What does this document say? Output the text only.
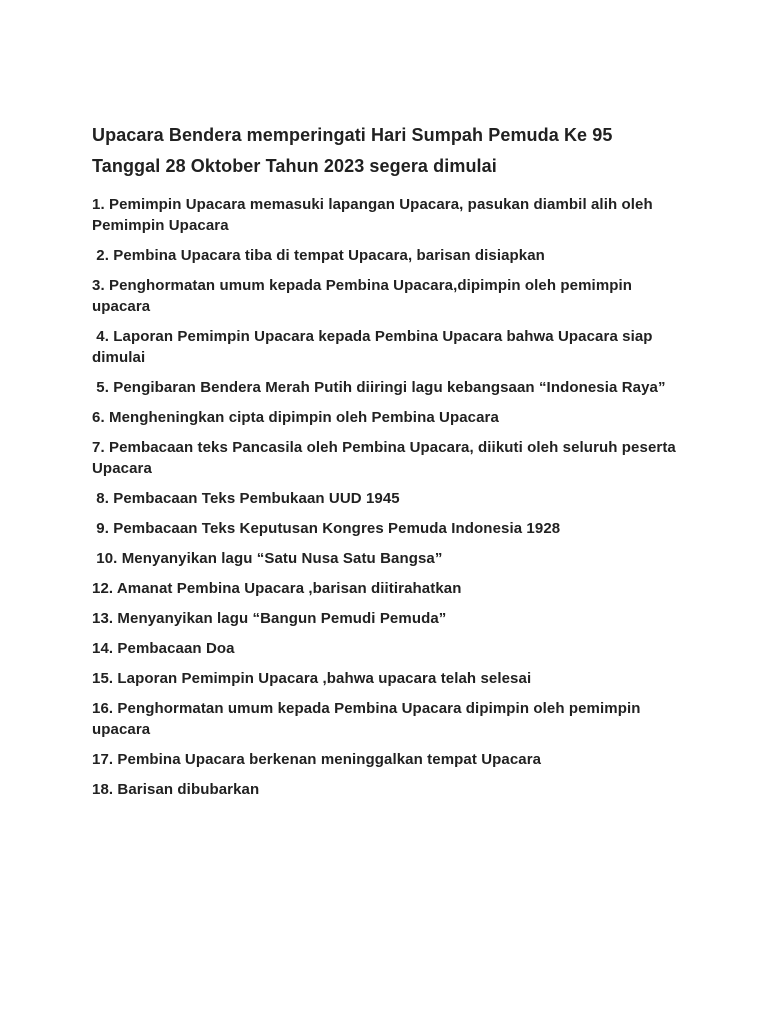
Upacara Bendera memperingati Hari Sumpah Pemuda Ke 95
Tanggal 28 Oktober Tahun 2023 segera dimulai

1. Pemimpin Upacara memasuki lapangan Upacara, pasukan diambil alih oleh Pemimpin Upacara

2. Pembina Upacara tiba di tempat Upacara, barisan disiapkan

3. Penghormatan umum kepada Pembina Upacara,dipimpin oleh pemimpin upacara

4. Laporan Pemimpin Upacara kepada Pembina Upacara bahwa Upacara siap dimulai

5. Pengibaran Bendera Merah Putih diiringi lagu kebangsaan “Indonesia Raya”

6. Mengheningkan cipta dipimpin oleh Pembina Upacara

7. Pembacaan teks Pancasila oleh Pembina Upacara, diikuti oleh seluruh peserta Upacara

8. Pembacaan Teks Pembukaan UUD 1945

9. Pembacaan Teks Keputusan Kongres Pemuda Indonesia 1928

10. Menyanyikan lagu “Satu Nusa Satu Bangsa”

12. Amanat Pembina Upacara ,barisan diitirahatkan

13. Menyanyikan lagu “Bangun Pemudi Pemuda”

14. Pembacaan Doa

15. Laporan Pemimpin Upacara ,bahwa upacara telah selesai

16. Penghormatan umum kepada Pembina Upacara dipimpin oleh pemimpin upacara

17. Pembina Upacara berkenan meninggalkan tempat Upacara

18. Barisan dibubarkan
